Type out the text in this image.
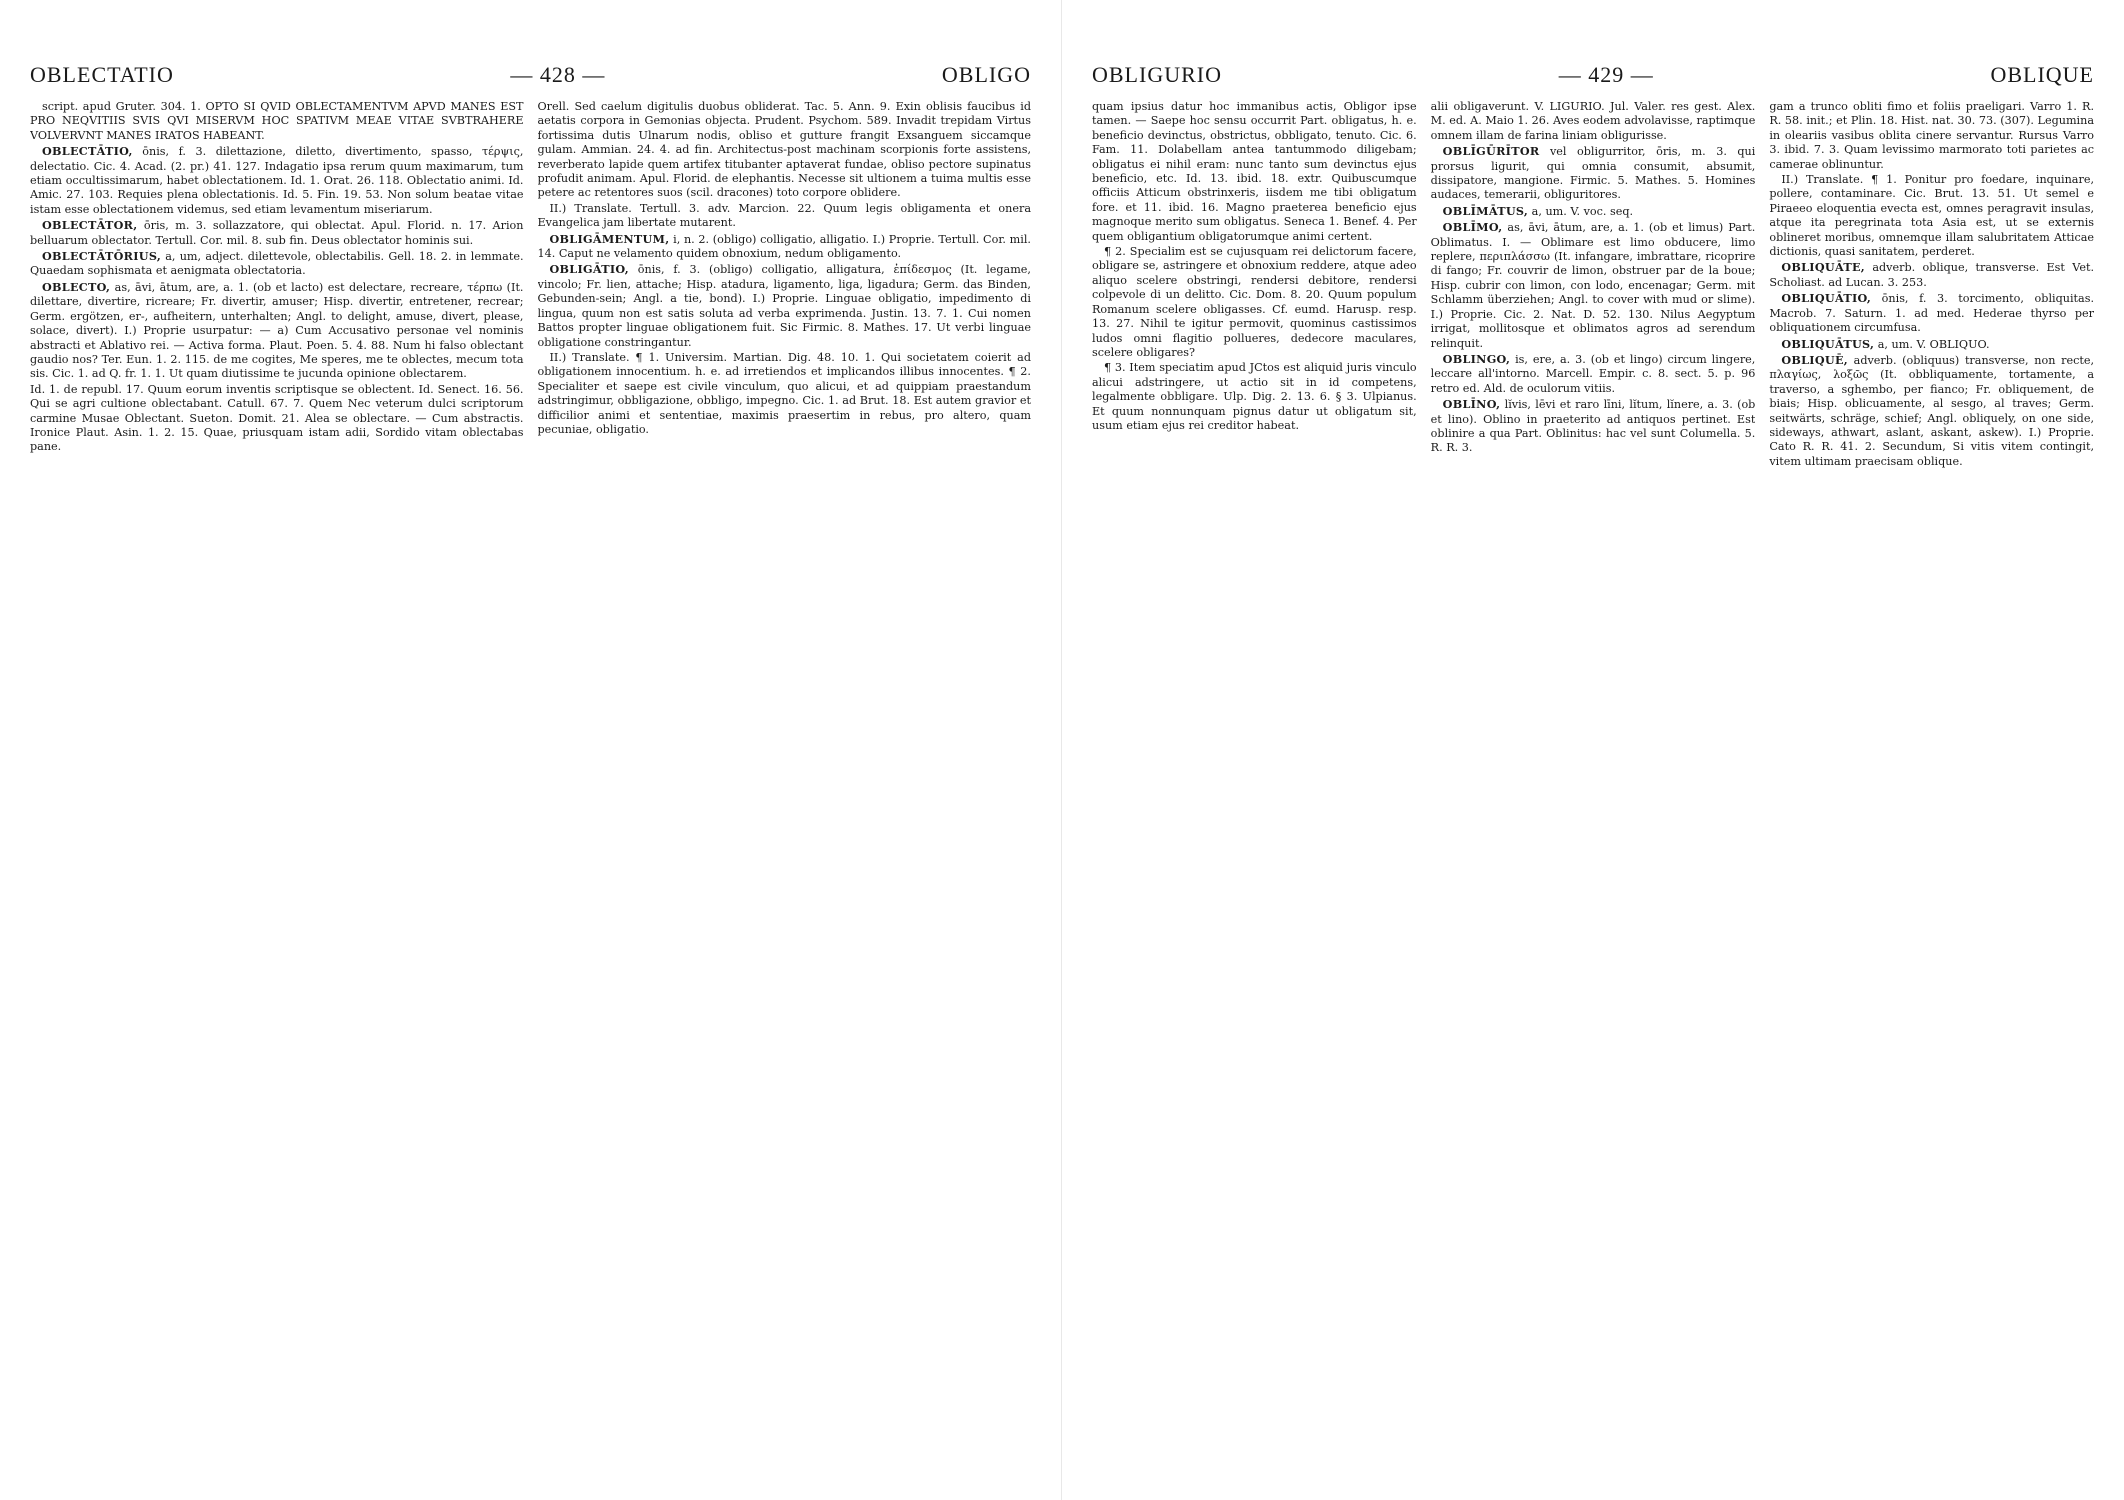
OBLECTATIO	— 428 —	OBLIGO

script. apud Gruter. 304. 1. OPTO SI QVID OBLECTAMENTVM APVD MANES EST PRO NEQVITIIS SVIS QVI MISERVM HOC SPATIVM MEAE VITAE SVBTRAHERE VOLVERVNT MANES IRATOS HABEANT.

OBLECTĀTIO, ōnis, f. 3. dilettazione, diletto, divertimento, spasso, τέρψις, delectatio. Cic. 4. Acad. (2. pr.) 41. 127. Indagatio ipsa rerum quum maximarum, tum etiam occultissimarum, habet oblectationem. Id. 1. Orat. 26. 118. Oblectatio animi. Id. Amic. 27. 103. Requies plena oblectationis. Id. 5. Fin. 19. 53. Non solum beatae vitae istam esse oblectationem videmus, sed etiam levamentum miseriarum.

OBLECTĀTOR, ōris, m. 3. sollazzatore, qui oblectat. Apul. Florid. n. 17. Arion belluarum oblectator. Tertull. Cor. mil. 8. sub fin. Deus oblectator hominis sui.

OBLECTĀTŌRIUS, a, um, adject. dilettevole, oblectabilis. Gell. 18. 2. in lemmate. Quaedam sophismata et aenigmata oblectatoria.

OBLECTO, as, āvi, ātum, are, a. 1. (ob et lacto) est delectare, recreare, τέρπω (It. dilettare, divertire, ricreare; Fr. divertir, amuser; Hisp. divertir, entretener, recrear; Germ. ergötzen, er-, aufheitern, unterhalten; Angl. to delight, amuse, divert, please, solace, divert). I.) Proprie usurpatur: — a) Cum Accusativo personae vel nominis abstracti et Ablativo rei. — Activa forma. Plaut. Poen. 5. 4. 88. Num hi falso oblectant gaudio nos? Ter. Eun. 1. 2. 115. de me cogites, Me speres, me te oblectes, mecum tota sis. Cic. 1. ad Q. fr. 1. 1. Ut quam diutissime te jucunda opinione oblectarem.

Id. 1. de republ. 17. Quum eorum inventis scriptisque se oblectent. Id. Senect. 16. 56. Qui se agri cultione oblectabant. Catull. 67. 7. Quem Nec veterum dulci scriptorum carmine Musae Oblectant. Sueton. Domit. 21. Alea se oblectare. — Cum abstractis. Ironice Plaut. Asin. 1. 2. 15. Quae, priusquam istam adii, Sordido vitam oblectabas pane.

Orell. Sed caelum digitulis duobus obliderat. Tac. 5. Ann. 9. Exin oblisis faucibus id aetatis corpora in Gemonias objecta. Prudent. Psychom. 589. Invadit trepidam Virtus fortissima dutis Ulnarum nodis, obliso et gutture frangit Exsanguem siccamque gulam. Ammian. 24. 4. ad fin. Architectus-post machinam scorpionis forte assistens, reverberato lapide quem artifex titubanter aptaverat fundae, obliso pectore supinatus profudit animam. Apul. Florid. de elephantis. Necesse sit ultionem a tuima multis esse petere ac retentores suos (scil. dracones) toto corpore oblidere.

II.) Translate. Tertull. 3. adv. Marcion. 22. Quum legis obligamenta et onera Evangelica jam libertate mutarent.

OBLIGĀMENTUM, i, n. 2. (obligo) colligatio, alligatio. I.) Proprie. Tertull. Cor. mil. 14. Caput ne velamento quidem obnoxium, nedum obligamento.

OBLIGĀTIO, ōnis, f. 3. (obligo) colligatio, alligatura, ἐπίδεσμος (It. legame, vincolo; Fr. lien, attache; Hisp. atadura, ligamento, liga, ligadura; Germ. das Binden, Gebunden-sein; Angl. a tie, bond). I.) Proprie. Linguae obligatio, impedimento di lingua, quum non est satis soluta ad verba exprimenda. Justin. 13. 7. 1. Cui nomen Battos propter linguae obligationem fuit. Sic Firmic. 8. Mathes. 17. Ut verbi linguae obligatione constringantur.

II.) Translate. ¶ 1. Universim. Martian. Dig. 48. 10. 1. Qui societatem coierit ad obligationem innocentium. h. e. ad irretiendos et implicandos illibus innocentes. ¶ 2. Specialiter et saepe est civile vinculum, quo alicui, et ad quippiam praestandum adstringimur, obbligazione, obbligo, impegno. Cic. 1. ad Brut. 18. Est autem gravior et difficilior animi et sententiae, maximis praesertim in rebus, pro altero, quam pecuniae, obligatio.

OBLIGURIO	— 429 —	OBLIQUE

quam ipsius datur hoc immanibus actis, Obligor ipse tamen. — Saepe hoc sensu occurrit Part. obligatus, h. e. beneficio devinctus, obstrictus, obbligato, tenuto. Cic. 6. Fam. 11. Dolabellam antea tantummodo diligebam; obligatus ei nihil eram: nunc tanto sum devinctus ejus beneficio, etc. Id. 13. ibid. 18. extr. Quibuscumque officiis Atticum obstrinxeris, iisdem me tibi obligatum fore. et 11. ibid. 16. Magno praeterea beneficio ejus magnoque merito sum obligatus. Seneca 1. Benef. 4. Per quem obligantium obligatorumque animi certent.

¶ 2. Specialim est se cujusquam rei delictorum facere, obligare se, astringere et obnoxium reddere, atque adeo aliquo scelere obstringi, rendersi debitore, rendersi colpevole di un delitto. Cic. Dom. 8. 20. Quum populum Romanum scelere obligasses. Cf. eumd. Harusp. resp. 13. 27. Nihil te igitur permovit, quominus castissimos ludos omni flagitio pollueres, dedecore maculares, scelere obligares?

¶ 3. Item speciatim apud JCtos est aliquid juris vinculo alicui adstringere, ut actio sit in id competens, legalmente obbligare. Ulp. Dig. 2. 13. 6. § 3. Ulpianus. Et quum nonnunquam pignus datur ut obligatum sit, usum etiam ejus rei creditor habeat.

alii obligaverunt. V. LIGURIO. Jul. Valer. res gest. Alex. M. ed. A. Maio 1. 26. Aves eodem advolavisse, raptimque omnem illam de farina liniam obligurisse.

OBLĪGŪRĪTOR vel obligurritor, ōris, m. 3. qui prorsus ligurit, qui omnia consumit, absumit, dissipatore, mangione. Firmic. 5. Mathes. 5. Homines audaces, temerarii, obliguritores.

OBLĪMĀTUS, a, um. V. voc. seq.

OBLĪMO, as, āvi, ātum, are, a. 1. (ob et limus) Part. Oblimatus. I. — Oblimare est limo obducere, limo replere, περιπλάσσω (It. infangare, imbrattare, ricoprire di fango; Fr. couvrir de limon, obstruer par de la boue; Hisp. cubrir con limon, con lodo, encenagar; Germ. mit Schlamm überziehen; Angl. to cover with mud or slime). I.) Proprie. Cic. 2. Nat. D. 52. 130. Nilus Aegyptum irrigat, mollitosque et oblimatos agros ad serendum relinquit.

OBLINGO, is, ere, a. 3. (ob et lingo) circum lingere, leccare all'intorno. Marcell. Empir. c. 8. sect. 5. p. 96 retro ed. Ald. de oculorum vitiis.

OBLĪNO, lĭvis, lēvi et raro līni, lĭtum, lĭnere, a. 3. (ob et lino). Oblino in praeterito ad antiquos pertinet. Est oblinire a qua Part. Oblinitus: hac vel sunt Columella. 5. R. R. 3.

gam a trunco obliti fimo et foliis praeligari. Varro 1. R. R. 58. init.; et Plin. 18. Hist. nat. 30. 73. (307). Legumina in oleariis vasibus oblita cinere servantur. Rursus Varro 3. ibid. 7. 3. Quam levissimo marmorato toti parietes ac camerae oblinuntur.

II.) Translate. ¶ 1. Ponitur pro foedare, inquinare, pollere, contaminare. Cic. Brut. 13. 51. Ut semel e Piraeeo eloquentia evecta est, omnes peragravit insulas, atque ita peregrinata tota Asia est, ut se externis oblineret moribus, omnemque illam salubritatem Atticae dictionis, quasi sanitatem, perderet.

OBLIQUĀTE, adverb. oblique, transverse. Est Vet. Scholiast. ad Lucan. 3. 253.

OBLIQUĀTIO, ōnis, f. 3. torcimento, obliquitas. Macrob. 7. Saturn. 1. ad med. Hederae thyrso per obliquationem circumfusa.

OBLIQUĀTUS, a, um. V. OBLIQUO.

OBLIQUĒ, adverb. (obliquus) transverse, non recte, πλαγίως, λοξῶς (It. obbliquamente, tortamente, a traverso, a sghembo, per fianco; Fr. obliquement, de biais; Hisp. oblicuamente, al sesgo, al traves; Germ. seitwärts, schräge, schief; Angl. obliquely, on one side, sideways, athwart, aslant, askant, askew). I.) Proprie. Cato R. R. 41. 2. Secundum, Si vitis vitem contingit, vitem ultimam praecisam oblique.
